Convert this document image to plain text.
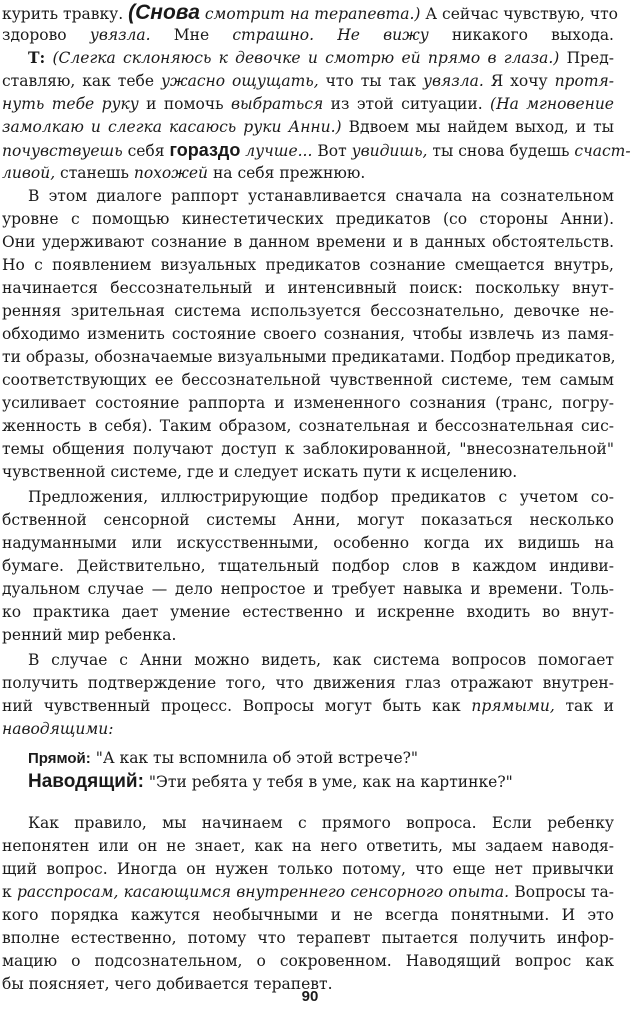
курить травку. (Снова смотрит на терапевта.) А сейчас чувствую, что
здорово увязла. Мне страшно. Не вижу никакого выхода.
Т: (Слегка склоняюсь к девочке и смотрю ей прямо в глаза.) Пред-
ставляю, как тебе ужасно ощущать, что ты так увязла. Я хочу протя-
нуть тебе руку и помочь выбраться из этой ситуации. (На мгновение
замолкаю и слегка касаюсь руки Анни.) Вдвоем мы найдем выход, и ты
почувствуешь себя гораздо лучше... Вот увидишь, ты снова будешь счаст-
ливой, станешь похожей на себя прежнюю.
В этом диалоге раппорт устанавливается сначала на сознательном
уровне с помощью кинестетических предикатов (со стороны Анни).
Они удерживают сознание в данном времени и в данных обстоятельств.
Но с появлением визуальных предикатов сознание смещается внутрь,
начинается бессознательный и интенсивный поиск: поскольку внут-
ренняя зрительная система используется бессознательно, девочке не-
обходимо изменить состояние своего сознания, чтобы извлечь из памя-
ти образы, обозначаемые визуальными предикатами. Подбор предикатов,
соответствующих ее бессознательной чувственной системе, тем самым
усиливает состояние раппорта и измененного сознания (транс, погру-
женность в себя). Таким образом, сознательная и бессознательная сис-
темы общения получают доступ к заблокированной, "внесознательной"
чувственной системе, где и следует искать пути к исцелению.
Предложения, иллюстрирующие подбор предикатов с учетом со-
бственной сенсорной системы Анни, могут показаться несколько
надуманными или искусственными, особенно когда их видишь на
бумаге. Действительно, тщательный подбор слов в каждом индиви-
дуальном случае — дело непростое и требует навыка и времени. Толь-
ко практика дает умение естественно и искренне входить во внут-
ренний мир ребенка.
В случае с Анни можно видеть, как система вопросов помогает
получить подтверждение того, что движения глаз отражают внутрен-
ний чувственный процесс. Вопросы могут быть как прямыми, так и
наводящими:
Прямой: "А как ты вспомнила об этой встрече?"
Наводящий: "Эти ребята у тебя в уме, как на картинке?"
Как правило, мы начинаем с прямого вопроса. Если ребенку
непонятен или он не знает, как на него ответить, мы задаем наводя-
щий вопрос. Иногда он нужен только потому, что еще нет привычки
к расспросам, касающимся внутреннего сенсорного опыта. Вопросы та-
кого порядка кажутся необычными и не всегда понятными. И это
вполне естественно, потому что терапевт пытается получить инфор-
мацию о подсознательном, о сокровенном. Наводящий вопрос как
бы поясняет, чего добивается терапевт.
90
